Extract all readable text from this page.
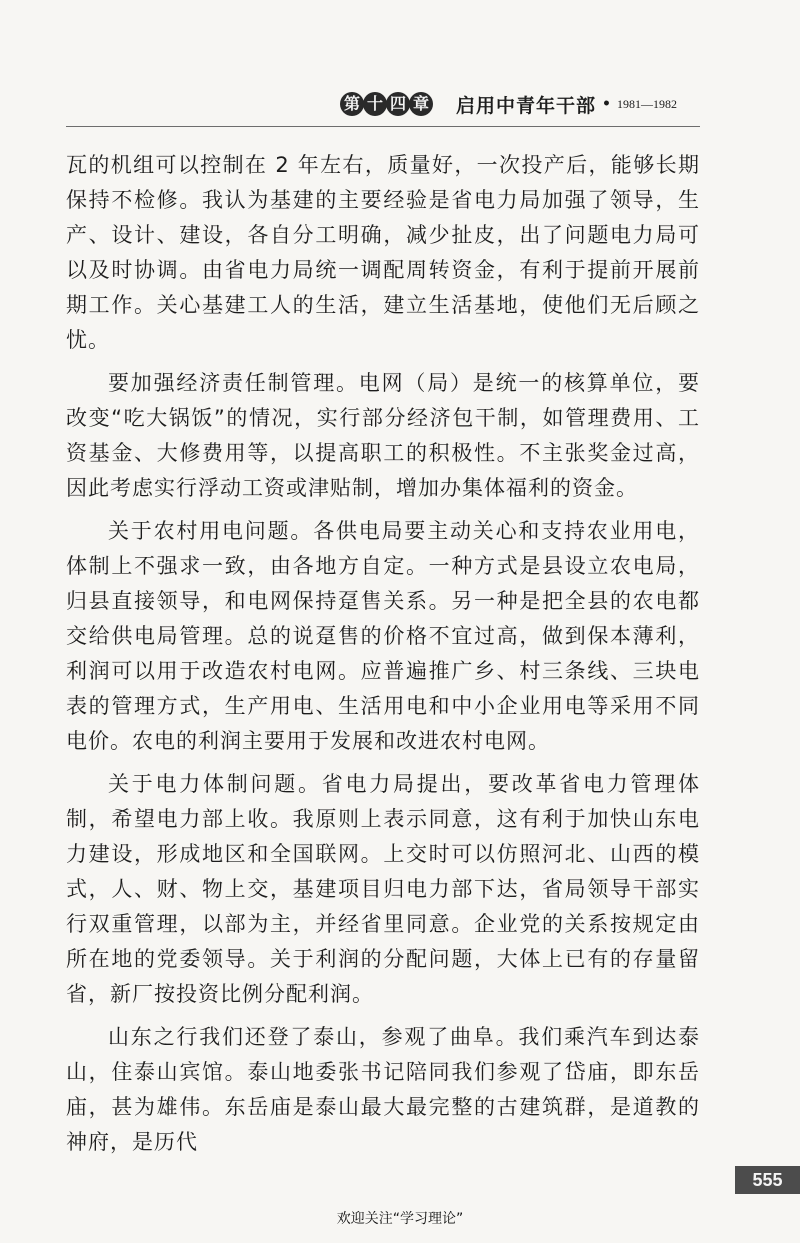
第 十 四 章 启用中青年干部 • 1981—1982

瓦的机组可以控制在 2 年左右，质量好，一次投产后，能够长期保持不检修。我认为基建的主要经验是省电力局加强了领导，生产、设计、建设，各自分工明确，减少扯皮，出了问题电力局可以及时协调。由省电力局统一调配周转资金，有利于提前开展前期工作。关心基建工人的生活，建立生活基地，使他们无后顾之忧。

要加强经济责任制管理。电网（局）是统一的核算单位，要改变“吃大锅饭”的情况，实行部分经济包干制，如管理费用、工资基金、大修费用等，以提高职工的积极性。不主张奖金过高，因此考虑实行浮动工资或津贴制，增加办集体福利的资金。

关于农村用电问题。各供电局要主动关心和支持农业用电，体制上不强求一致，由各地方自定。一种方式是县设立农电局，归县直接领导，和电网保持趸售关系。另一种是把全县的农电都交给供电局管理。总的说趸售的价格不宜过高，做到保本薄利，利润可以用于改造农村电网。应普遍推广乡、村三条线、三块电表的管理方式，生产用电、生活用电和中小企业用电等采用不同电价。农电的利润主要用于发展和改进农村电网。

关于电力体制问题。省电力局提出，要改革省电力管理体制，希望电力部上收。我原则上表示同意，这有利于加快山东电力建设，形成地区和全国联网。上交时可以仿照河北、山西的模式，人、财、物上交，基建项目归电力部下达，省局领导干部实行双重管理，以部为主，并经省里同意。企业党的关系按规定由所在地的党委领导。关于利润的分配问题，大体上已有的存量留省，新厂按投资比例分配利润。

山东之行我们还登了泰山，参观了曲阜。我们乘汽车到达泰山，住泰山宾馆。泰山地委张书记陪同我们参观了岱庙，即东岳庙，甚为雄伟。东岳庙是泰山最大最完整的古建筑群，是道教的神府，是历代

555
欢迎关注“学习理论”
